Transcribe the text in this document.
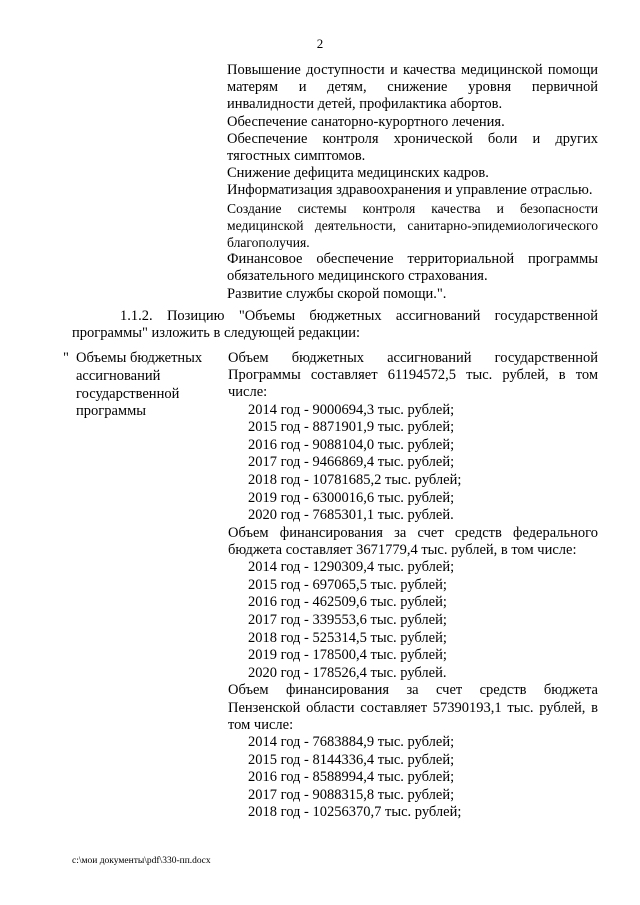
2

Повышение доступности и качества медицинской помощи матерям и детям, снижение уровня первичной инвалидности детей, профилактика абортов.

Обеспечение санаторно-курортного лечения.

Обеспечение контроля хронической боли и других тягостных симптомов.

Снижение дефицита медицинских кадров.

Информатизация здравоохранения и управление отраслью.

Создание системы контроля качества и безопасности медицинской деятельности, санитарно-эпидемиологического благополучия.

Финансовое обеспечение территориальной программы обязательного медицинского страхования.

Развитие службы скорой помощи.".

1.1.2. Позицию "Объемы бюджетных ассигнований государственной программы" изложить в следующей редакции:

" Объемы бюджетных ассигнований государственной программы

Объем бюджетных ассигнований государственной Программы составляет 61194572,5 тыс. рублей, в том числе:

2014 год - 9000694,3 тыс. рублей;

2015 год - 8871901,9 тыс. рублей;

2016 год - 9088104,0 тыс. рублей;

2017 год - 9466869,4 тыс. рублей;

2018 год - 10781685,2 тыс. рублей;

2019 год - 6300016,6 тыс. рублей;

2020 год - 7685301,1 тыс. рублей.

Объем финансирования за счет средств федерального бюджета составляет 3671779,4 тыс. рублей, в том числе:

2014 год - 1290309,4 тыс. рублей;

2015 год - 697065,5 тыс. рублей;

2016 год - 462509,6 тыс. рублей;

2017 год - 339553,6 тыс. рублей;

2018 год - 525314,5 тыс. рублей;

2019 год - 178500,4 тыс. рублей;

2020 год - 178526,4 тыс. рублей.

Объем финансирования за счет средств бюджета Пензенской области составляет 57390193,1 тыс. рублей, в том числе:

2014 год - 7683884,9 тыс. рублей;

2015 год - 8144336,4 тыс. рублей;

2016 год - 8588994,4 тыс. рублей;

2017 год - 9088315,8 тыс. рублей;

2018 год - 10256370,7 тыс. рублей;

c:\мои документы\pdf\330-пп.docx
